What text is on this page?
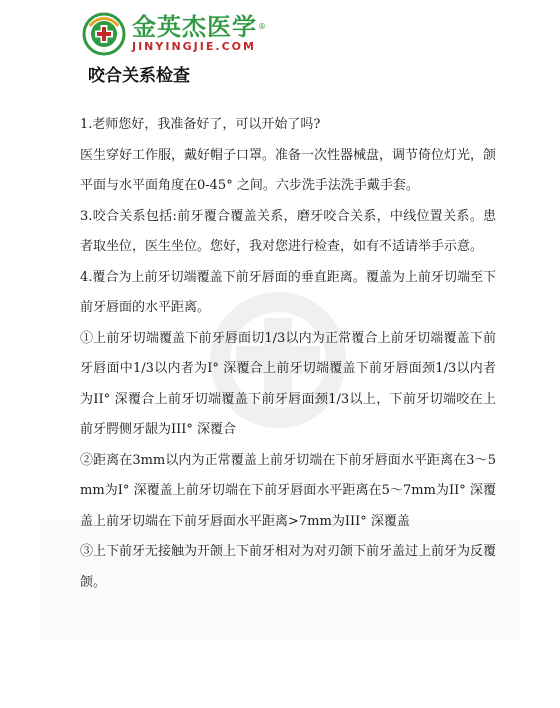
金英杰医学 ®
JINYINGJIE.COM
咬合关系检查

1.老师您好，我准备好了，可以开始了吗?

医生穿好工作服，戴好帽子口罩。准备一次性器械盘，调节倚位灯光，颌平面与水平面角度在0-45° 之间。六步洗手法洗手戴手套。

3.咬合关系包括:前牙覆合覆盖关系，磨牙咬合关系，中线位置关系。患者取坐位，医生坐位。您好，我对您进行检查，如有不适请举手示意。

4.覆合为上前牙切端覆盖下前牙唇面的垂直距离。覆盖为上前牙切端至下前牙唇面的水平距离。

①上前牙切端覆盖下前牙唇面切1/3以内为正常覆合上前牙切端覆盖下前牙唇面中1/3以内者为I° 深覆合上前牙切端覆盖下前牙唇面颈1/3以内者为II° 深覆合上前牙切端覆盖下前牙唇面颈1/3以上，下前牙切端咬在上前牙腭侧牙龈为III° 深覆合

②距离在3mm以内为正常覆盖上前牙切端在下前牙唇面水平距离在3～5mm为I° 深覆盖上前牙切端在下前牙唇面水平距离在5～7mm为II° 深覆盖上前牙切端在下前牙唇面水平距离>7mm为III° 深覆盖

③上下前牙无接触为开颌上下前牙相对为对刃颌下前牙盖过上前牙为反覆颌。
